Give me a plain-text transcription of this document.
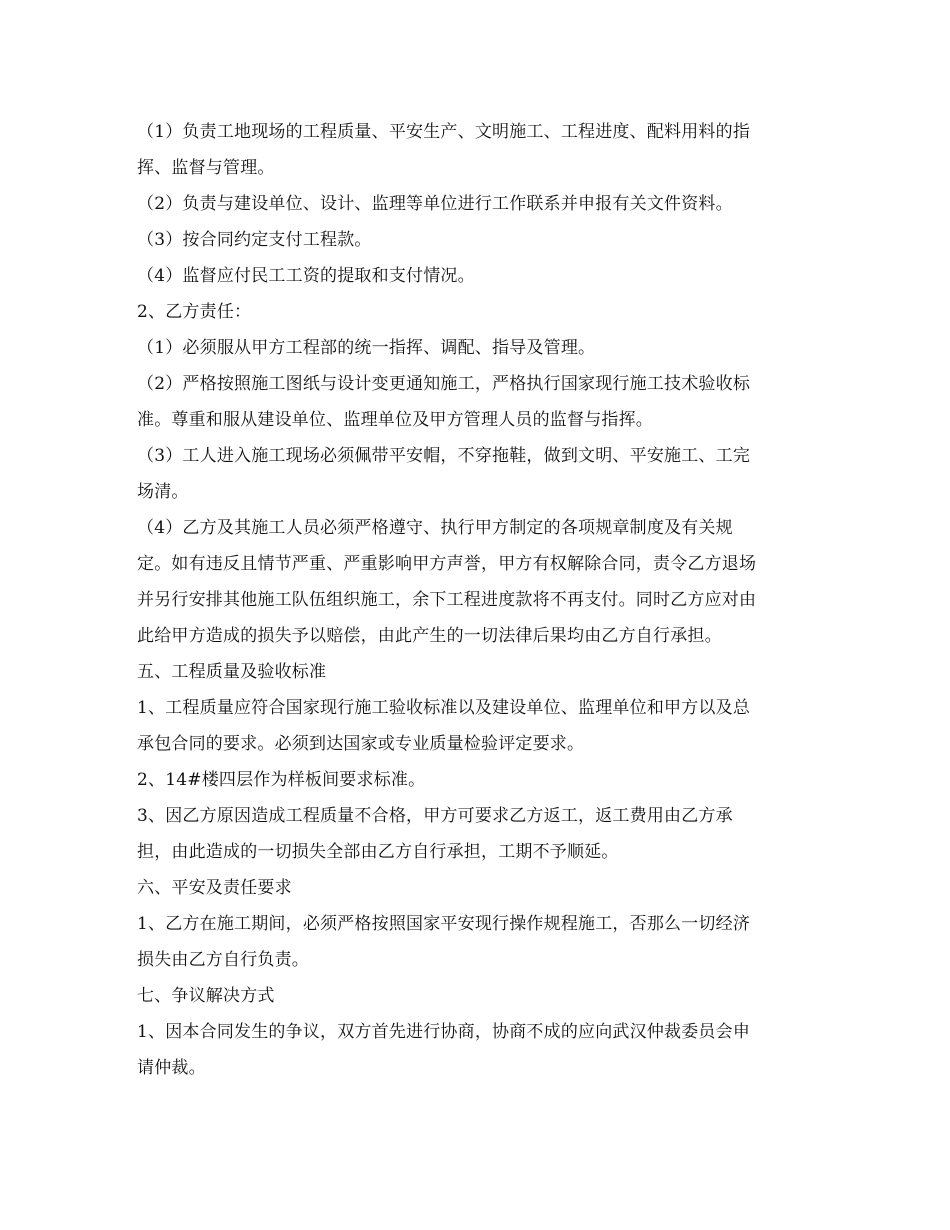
（1）负责工地现场的工程质量、平安生产、文明施工、工程进度、配料用料的指
挥、监督与管理。

（2）负责与建设单位、设计、监理等单位进行工作联系并申报有关文件资料。

（3）按合同约定支付工程款。

（4）监督应付民工工资的提取和支付情况。

2、乙方责任：

（1）必须服从甲方工程部的统一指挥、调配、指导及管理。

（2）严格按照施工图纸与设计变更通知施工，严格执行国家现行施工技术验收标
准。尊重和服从建设单位、监理单位及甲方管理人员的监督与指挥。

（3）工人进入施工现场必须佩带平安帽，不穿拖鞋，做到文明、平安施工、工完
场清。

（4）乙方及其施工人员必须严格遵守、执行甲方制定的各项规章制度及有关规
定。如有违反且情节严重、严重影响甲方声誉，甲方有权解除合同，责令乙方退场
并另行安排其他施工队伍组织施工，余下工程进度款将不再支付。同时乙方应对由
此给甲方造成的损失予以赔偿，由此产生的一切法律后果均由乙方自行承担。

五、工程质量及验收标准

1、工程质量应符合国家现行施工验收标准以及建设单位、监理单位和甲方以及总
承包合同的要求。必须到达国家或专业质量检验评定要求。

2、14#楼四层作为样板间要求标准。

3、因乙方原因造成工程质量不合格，甲方可要求乙方返工，返工费用由乙方承
担，由此造成的一切损失全部由乙方自行承担，工期不予顺延。

六、平安及责任要求

1、乙方在施工期间，必须严格按照国家平安现行操作规程施工，否那么一切经济
损失由乙方自行负责。

七、争议解决方式

1、因本合同发生的争议，双方首先进行协商，协商不成的应向武汉仲裁委员会申
请仲裁。
